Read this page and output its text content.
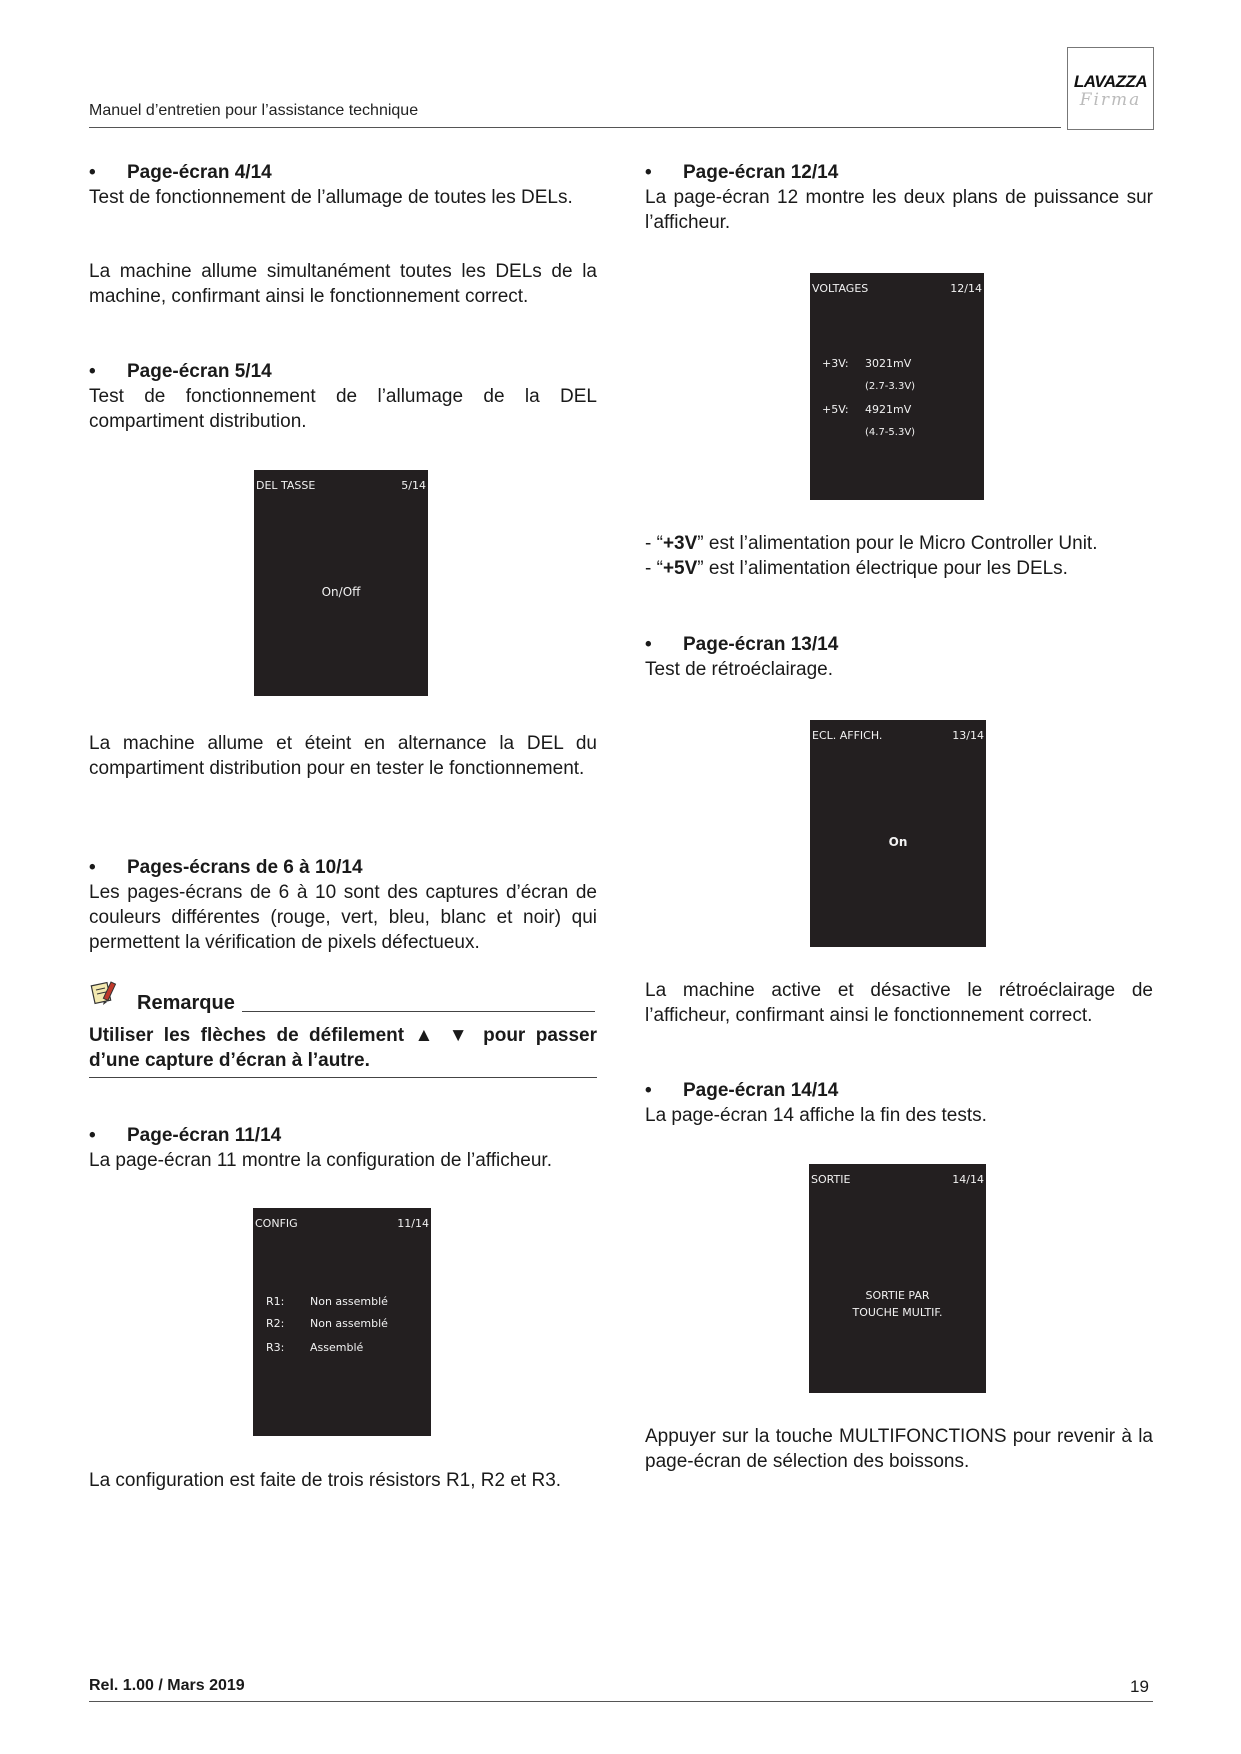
Manuel d’entretien pour l’assistance technique
LAVAZZA
Firma
• Page-écran 4/14
Test de fonctionnement de l’allumage de toutes les DELs.
La machine allume simultanément toutes les DELs de la machine, confirmant ainsi le fonctionnement correct.
• Page-écran 5/14
Test de fonctionnement de l’allumage de la DEL compartiment distribution.
DEL TASSE	5/14
On/Off
La machine allume et éteint en alternance la DEL du compartiment distribution pour en tester le fonctionnement.
• Pages-écrans de 6 à 10/14
Les pages-écrans de 6 à 10 sont des captures d’écran de couleurs différentes (rouge, vert, bleu, blanc et noir) qui permettent la vérification de pixels défectueux.
Remarque
Utiliser les flèches de défilement ▲ ▼ pour passer d’une capture d’écran à l’autre.
• Page-écran 11/14
La page-écran 11 montre la configuration de l’afficheur.
CONFIG	11/14
R1: Non assemblé
R2: Non assemblé
R3: Assemblé
La configuration est faite de trois résistors R1, R2 et R3.
• Page-écran 12/14
La page-écran 12 montre les deux plans de puissance sur l’afficheur.
VOLTAGES	12/14
+3V: 3021mV
(2.7-3.3V)
+5V: 4921mV
(4.7-5.3V)
- “+3V” est l’alimentation pour le Micro Controller Unit.
- “+5V” est l’alimentation électrique pour les DELs.
• Page-écran 13/14
Test de rétroéclairage.
ECL. AFFICH.	13/14
On
La machine active et désactive le rétroéclairage de l’afficheur, confirmant ainsi le fonctionnement correct.
• Page-écran 14/14
La page-écran 14 affiche la fin des tests.
SORTIE	14/14
SORTIE PAR
TOUCHE MULTIF.
Appuyer sur la touche MULTIFONCTIONS pour revenir à la page-écran de sélection des boissons.
Rel. 1.00 / Mars 2019	19
